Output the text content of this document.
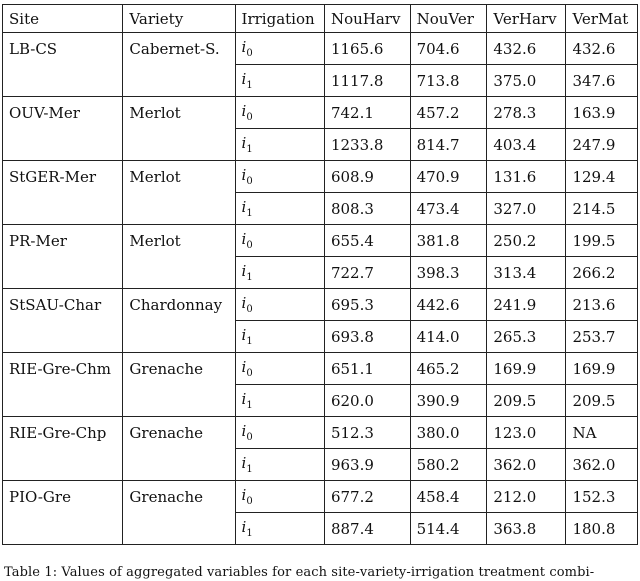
Site	Variety	Irrigation	NouHarv	NouVer	VerHarv	VerMat
LB-CS	Cabernet-S.	$i_0$	1165.6	704.6	432.6	432.6
		$i_1$	1117.8	713.8	375.0	347.6
OUV-Mer	Merlot	$i_0$	742.1	457.2	278.3	163.9
		$i_1$	1233.8	814.7	403.4	247.9
StGER-Mer	Merlot	$i_0$	608.9	470.9	131.6	129.4
		$i_1$	808.3	473.4	327.0	214.5
PR-Mer	Merlot	$i_0$	655.4	381.8	250.2	199.5
		$i_1$	722.7	398.3	313.4	266.2
StSAU-Char	Chardonnay	$i_0$	695.3	442.6	241.9	213.6
		$i_1$	693.8	414.0	265.3	253.7
RIE-Gre-Chm	Grenache	$i_0$	651.1	465.2	169.9	169.9
		$i_1$	620.0	390.9	209.5	209.5
RIE-Gre-Chp	Grenache	$i_0$	512.3	380.0	123.0	NA
		$i_1$	963.9	580.2	362.0	362.0
PIO-Gre	Grenache	$i_0$	677.2	458.4	212.0	152.3
		$i_1$	887.4	514.4	363.8	180.8
Table 1: Values of aggregated variables for each site-variety-irrigation treatment combi-
